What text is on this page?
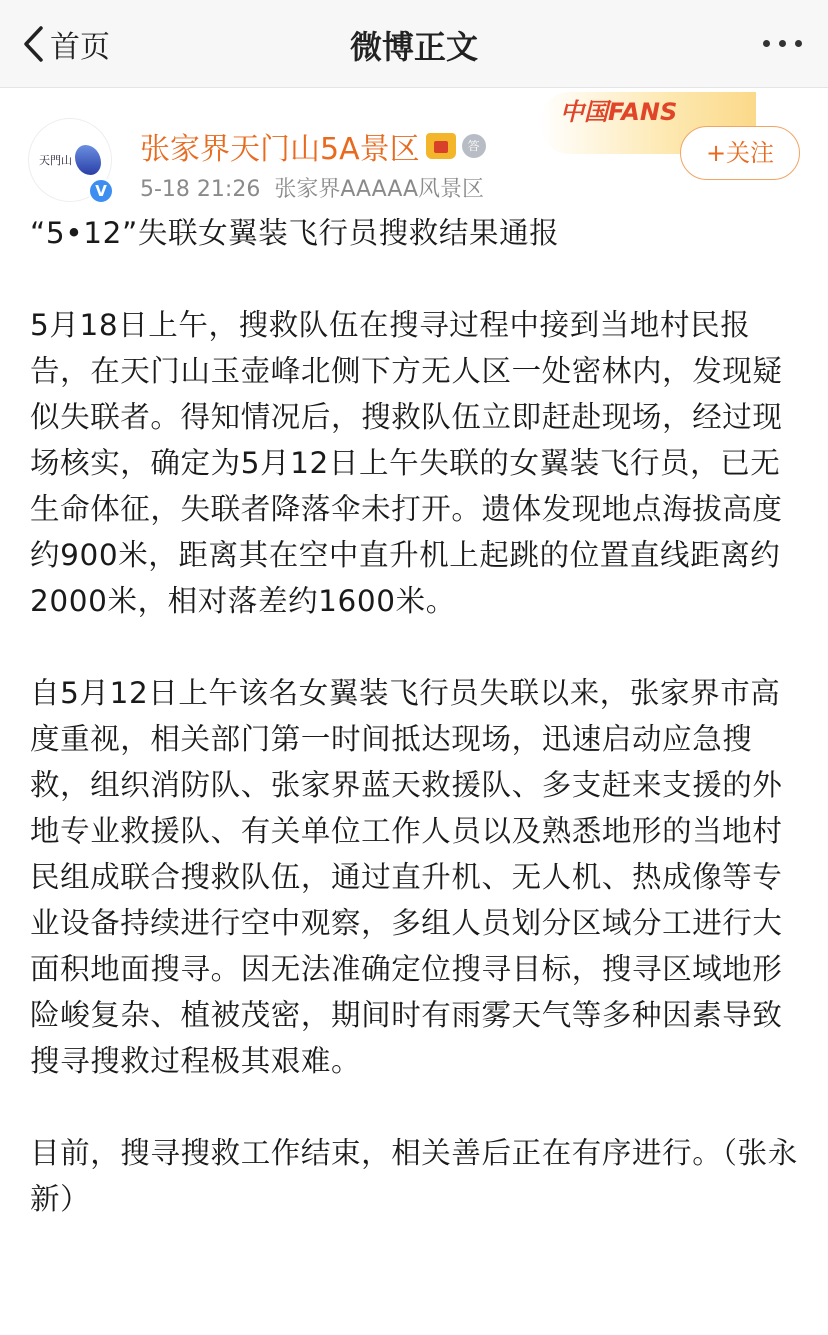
首页	微博正文
天門山 张家界天门山5A景区	答
5-18 21:26 张家界AAAAA风景区
中国FANS
+关注
V

“5•12”失联女翼装飞行员搜救结果通报

5月18日上午，搜救队伍在搜寻过程中接到当地村民报告，在天门山玉壶峰北侧下方无人区一处密林内，发现疑似失联者。得知情况后，搜救队伍立即赶赴现场，经过现场核实，确定为5月12日上午失联的女翼装飞行员，已无生命体征，失联者降落伞未打开。遗体发现地点海拔高度约900米，距离其在空中直升机上起跳的位置直线距离约2000米，相对落差约1600米。

自5月12日上午该名女翼装飞行员失联以来，张家界市高度重视，相关部门第一时间抵达现场，迅速启动应急搜救，组织消防队、张家界蓝天救援队、多支赶来支援的外地专业救援队、有关单位工作人员以及熟悉地形的当地村民组成联合搜救队伍，通过直升机、无人机、热成像等专业设备持续进行空中观察，多组人员划分区域分工进行大面积地面搜寻。因无法准确定位搜寻目标，搜寻区域地形险峻复杂、植被茂密，期间时有雨雾天气等多种因素导致搜寻搜救过程极其艰难。

目前，搜寻搜救工作结束，相关善后正在有序进行。（张永新）
